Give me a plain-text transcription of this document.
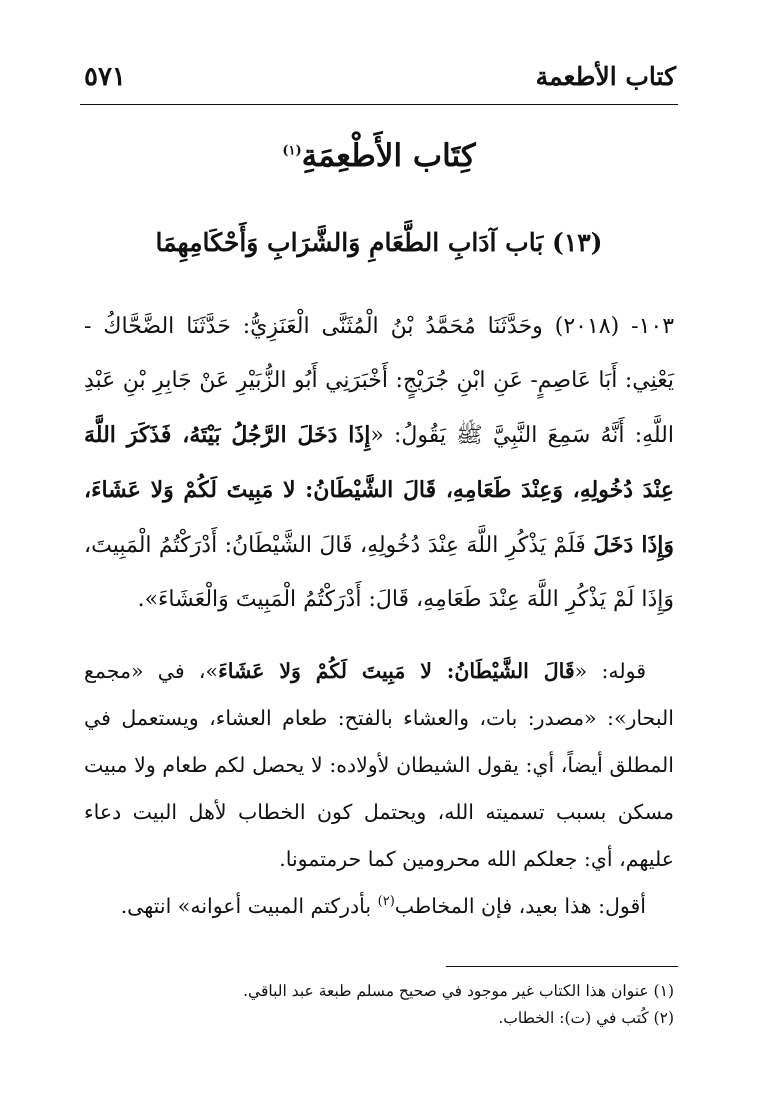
كتاب الأطعمة
٥٧١
كِتَاب الأَطْعِمَةِ$^{(١)}$
(١٣) بَاب آدَابِ الطَّعَامِ وَالشَّرَابِ وَأَحْكَامِهِمَا
١٠٣- (٢٠١٨) وحَدَّثَنَا مُحَمَّدُ بْنُ الْمُثَنَّى الْعَنَزِيُّ: حَدَّثَنَا الضَّحَّاكُ - يَعْنِي: أَبَا عَاصِمٍ- عَنِ ابْنِ جُرَيْجٍ: أَخْبَرَنِي أَبُو الزُّبَيْرِ عَنْ جَابِرِ بْنِ عَبْدِ اللَّهِ: أَنَّهُ سَمِعَ النَّبِيَّ ﷺ يَقُولُ: «إِذَا دَخَلَ الرَّجُلُ بَيْتَهُ، فَذَكَرَ اللَّهَ عِنْدَ دُخُولِهِ، وَعِنْدَ طَعَامِهِ، قَالَ الشَّيْطَانُ: لا مَبِيتَ لَكُمْ وَلا عَشَاءَ، وَإِذَا دَخَلَ فَلَمْ يَذْكُرِ اللَّهَ عِنْدَ دُخُولِهِ، قَالَ الشَّيْطَانُ: أَدْرَكْتُمُ الْمَبِيتَ، وَإِذَا لَمْ يَذْكُرِ اللَّهَ عِنْدَ طَعَامِهِ، قَالَ: أَدْرَكْتُمُ الْمَبِيتَ وَالْعَشَاءَ».
قوله: «قَالَ الشَّيْطَانُ: لا مَبِيتَ لَكُمْ وَلا عَشَاءَ»، في «مجمع البحار»: «مصدر: بات، والعشاء بالفتح: طعام العشاء، ويستعمل في المطلق أيضاً، أي: يقول الشيطان لأولاده: لا يحصل لكم طعام ولا مبيت مسكن بسبب تسميته الله، ويحتمل كون الخطاب لأهل البيت دعاء عليهم، أي: جعلكم الله محرومين كما حرمتمونا.
أقول: هذا بعيد، فإن المخاطب$^{(٢)}$ بأدركتم المبيت أعوانه» انتهى.
(١) عنوان هذا الكتاب غير موجود في صحيح مسلم طبعة عبد الباقي.
(٢) كُتب في (ت): الخطاب.
